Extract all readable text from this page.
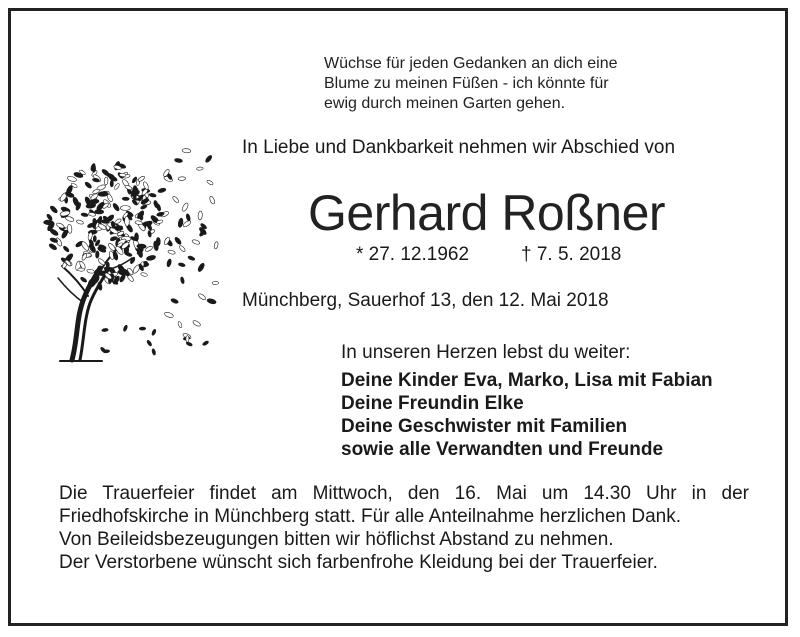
Wüchse für jeden Gedanken an dich eine
Blume zu meinen Füßen - ich könnte für
ewig durch meinen Garten gehen.
In Liebe und Dankbarkeit nehmen wir Abschied von
Gerhard Roßner
* 27. 12.1962	† 7. 5. 2018
Münchberg, Sauerhof 13, den 12. Mai 2018
In unseren Herzen lebst du weiter:
Deine Kinder Eva, Marko, Lisa mit Fabian
Deine Freundin Elke
Deine Geschwister mit Familien
sowie alle Verwandten und Freunde

Die Trauerfeier findet am Mittwoch, den 16. Mai um 14.30 Uhr in der Friedhofskirche in Münchberg statt. Für alle Anteilnahme herzlichen Dank.

Von Beileidsbezeugungen bitten wir höflichst Abstand zu nehmen.

Der Verstorbene wünscht sich farbenfrohe Kleidung bei der Trauerfeier.
